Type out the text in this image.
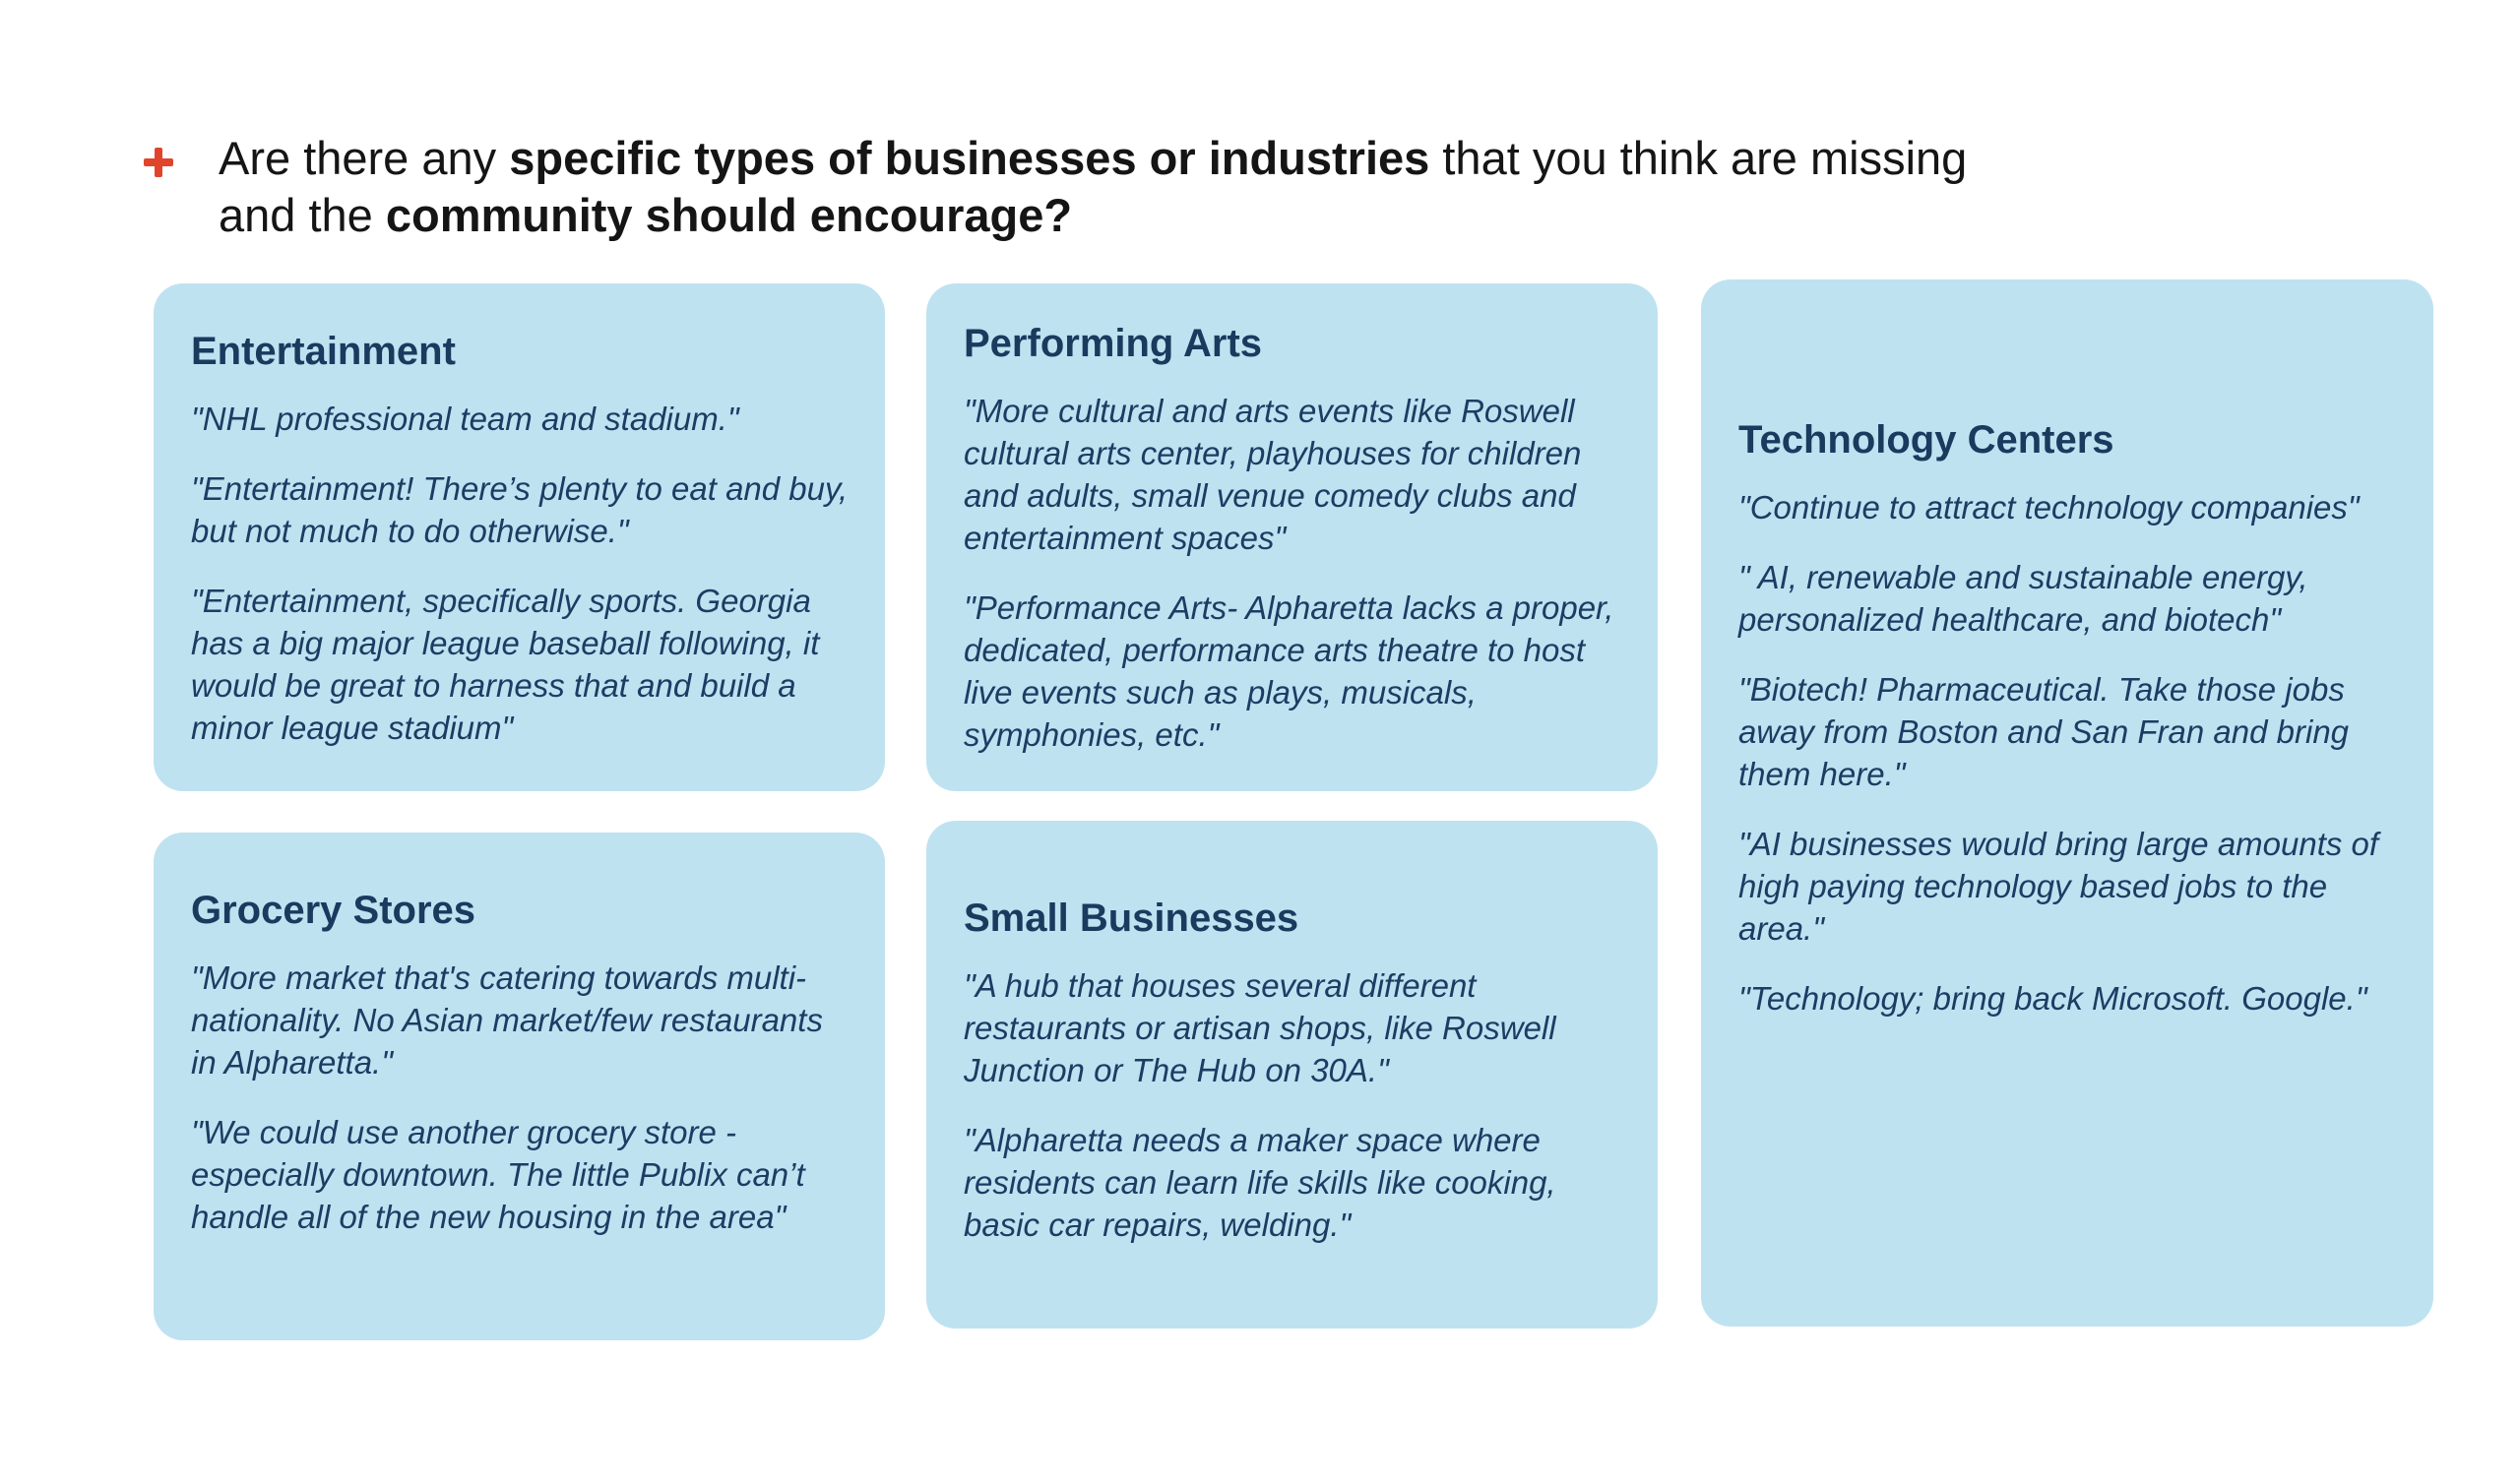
Are there any specific types of businesses or industries that you think are missing
and the community should encourage?
Entertainment

"NHL professional team and stadium."

"Entertainment! There’s plenty to eat and buy, but not much to do otherwise."

"Entertainment, specifically sports. Georgia has a big major league baseball following, it would be great to harness that and build a minor league stadium"

Performing Arts

"More cultural and arts events like Roswell cultural arts center, playhouses for children and adults, small venue comedy clubs and entertainment spaces"

"Performance Arts- Alpharetta lacks a proper, dedicated, performance arts theatre to host live events such as plays, musicals, symphonies, etc."

Technology Centers

"Continue to attract technology companies"

" AI, renewable and sustainable energy, personalized healthcare, and biotech"

"Biotech! Pharmaceutical. Take those jobs away from Boston and San Fran and bring them here."

"AI businesses would bring large amounts of high paying technology based jobs to the area."

"Technology; bring back Microsoft. Google."

Grocery Stores

"More market that's catering towards multi-nationality. No Asian market/few restaurants in Alpharetta."

"We could use another grocery store - especially downtown. The little Publix can’t handle all of the new housing in the area"

Small Businesses

"A hub that houses several different restaurants or artisan shops, like Roswell Junction or The Hub on 30A."

"Alpharetta needs a maker space where residents can learn life skills like cooking, basic car repairs, welding."
